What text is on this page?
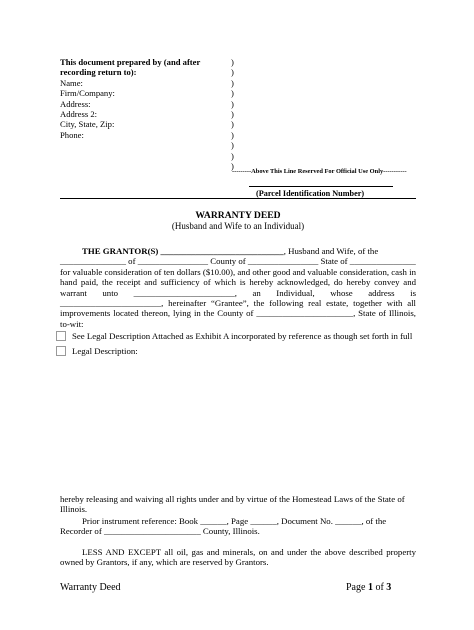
This document prepared by (and after recording return to):
Name:
Firm/Company:
Address:
Address 2:
City, State, Zip:
Phone:
)
)
)
)
)
)
)
)
)
)
)
---------Above This Line Reserved For Official Use Only-----------
(Parcel Identification Number)
WARRANTY DEED
(Husband and Wife to an Individual)
THE GRANTOR(S) ____________________________, Husband and Wife, of the
_______________ of ________________ County of ________________ State of _______________
for valuable consideration of ten dollars ($10.00), and other good and valuable consideration, cash in hand paid, the receipt and sufficiency of which is hereby acknowledged, do hereby convey and warrant unto _______________________, an Individual, whose address is _______________________, hereinafter “Grantee”, the following real estate, together with all improvements located thereon, lying in the County of ______________________, State of Illinois, to-wit:
See Legal Description Attached as Exhibit A incorporated by reference as though set forth in full
Legal Description:
hereby releasing and waiving all rights under and by virtue of the Homestead Laws of the State of Illinois.
Prior instrument reference: Book ______, Page ______, Document No. ______, of the Recorder of ______________________ County, Illinois.
LESS AND EXCEPT all oil, gas and minerals, on and under the above described property owned by Grantors, if any, which are reserved by Grantors.
Warranty Deed	Page 1 of 3
